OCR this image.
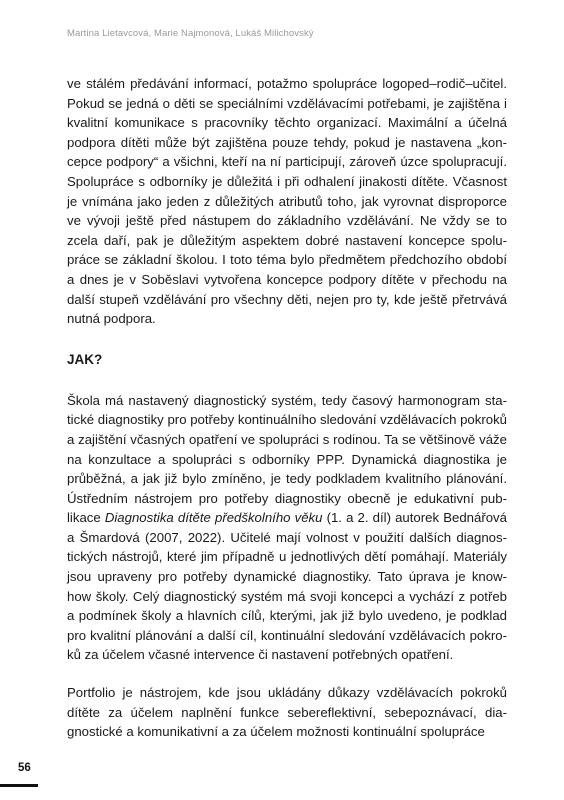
Martina Lietavcová, Marie Najmonová, Lukáš Milichovský

ve stálém předávání informací, potažmo spolupráce logoped–rodič–učitel. Pokud se jedná o děti se speciálními vzdělávacími potřebami, je zajištěna i kvalitní komunikace s pracovníky těchto organizací. Maximální a účelná podpora dítěti může být zajištěna pouze tehdy, pokud je nastavena „koncepce podpory“ a všichni, kteří na ní participují, zároveň úzce spolupracují. Spolupráce s odborníky je důležitá i při odhalení jinakosti dítěte. Včasnost je vnímána jako jeden z důležitých atributů toho, jak vyrovnat disproporce ve vývoji ještě před nástupem do základního vzdělávání. Ne vždy se to zcela daří, pak je důležitým aspektem dobré nastavení koncepce spolupráce se základní školou. I toto téma bylo předmětem předchozího období a dnes je v Soběslavi vytvořena koncepce podpory dítěte v přechodu na další stupeň vzdělávání pro všechny děti, nejen pro ty, kde ještě přetrvává nutná podpora.

JAK?

Škola má nastavený diagnostický systém, tedy časový harmonogram statické diagnostiky pro potřeby kontinuálního sledování vzdělávacích pokroků a zajištění včasných opatření ve spolupráci s rodinou. Ta se většinově váže na konzultace a spolupráci s odborníky PPP. Dynamická diagnostika je průběžná, a jak již bylo zmíněno, je tedy podkladem kvalitního plánování. Ústředním nástrojem pro potřeby diagnostiky obecně je edukativní publikace Diagnostika dítěte předškolního věku (1. a 2. díl) autorek Bednářová a Šmardová (2007, 2022). Učitelé mají volnost v použití dalších diagnostických nástrojů, které jim případně u jednotlivých dětí pomáhají. Materiály jsou upraveny pro potřeby dynamické diagnostiky. Tato úprava je know-how školy. Celý diagnostický systém má svoji koncepci a vychází z potřeb a podmínek školy a hlavních cílů, kterými, jak již bylo uvedeno, je podklad pro kvalitní plánování a další cíl, kontinuální sledování vzdělávacích pokroků za účelem včasné intervence či nastavení potřebných opatření.

Portfolio je nástrojem, kde jsou ukládány důkazy vzdělávacích pokroků dítěte za účelem naplnění funkce sebereflektivní, sebepoznávací, diagnostické a komunikativní a za účelem možnosti kontinuální spolupráce

56
